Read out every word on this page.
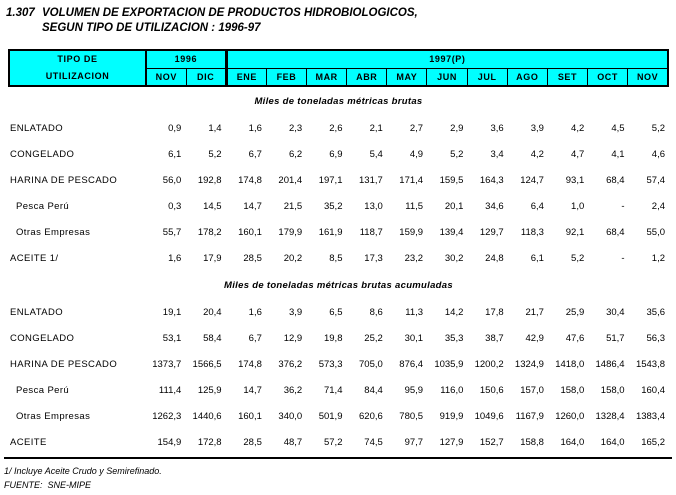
1.307 VOLUMEN DE EXPORTACION DE PRODUCTOS HIDROBIOLOGICOS,
SEGUN TIPO DE UTILIZACION : 1996-97
TIPO DE
UTILIZACION	1996		1997(P)										
	NOV	DIC	ENE	FEB	MAR	ABR	MAY	JUN	JUL	AGO	SET	OCT	NOV
Miles de toneladas métricas brutas													
ENLATADO	0,9	1,4	1,6	2,3	2,6	2,1	2,7	2,9	3,6	3,9	4,2	4,5	5,2
CONGELADO	6,1	5,2	6,7	6,2	6,9	5,4	4,9	5,2	3,4	4,2	4,7	4,1	4,6
HARINA DE PESCADO	56,0	192,8	174,8	201,4	197,1	131,7	171,4	159,5	164,3	124,7	93,1	68,4	57,4
Pesca Perú	0,3	14,5	14,7	21,5	35,2	13,0	11,5	20,1	34,6	6,4	1,0	-	2,4
Otras Empresas	55,7	178,2	160,1	179,9	161,9	118,7	159,9	139,4	129,7	118,3	92,1	68,4	55,0
ACEITE 1/	1,6	17,9	28,5	20,2	8,5	17,3	23,2	30,2	24,8	6,1	5,2	-	1,2
Miles de toneladas métricas brutas acumuladas													
ENLATADO	19,1	20,4	1,6	3,9	6,5	8,6	11,3	14,2	17,8	21,7	25,9	30,4	35,6
CONGELADO	53,1	58,4	6,7	12,9	19,8	25,2	30,1	35,3	38,7	42,9	47,6	51,7	56,3
HARINA DE PESCADO	1373,7	1566,5	174,8	376,2	573,3	705,0	876,4	1035,9	1200,2	1324,9	1418,0	1486,4	1543,8
Pesca Perú	111,4	125,9	14,7	36,2	71,4	84,4	95,9	116,0	150,6	157,0	158,0	158,0	160,4
Otras Empresas	1262,3	1440,6	160,1	340,0	501,9	620,6	780,5	919,9	1049,6	1167,9	1260,0	1328,4	1383,4
ACEITE	154,9	172,8	28,5	48,7	57,2	74,5	97,7	127,9	152,7	158,8	164,0	164,0	165,2
1/ Incluye Aceite Crudo y Semirefinado.
FUENTE:  SNE-MIPE
